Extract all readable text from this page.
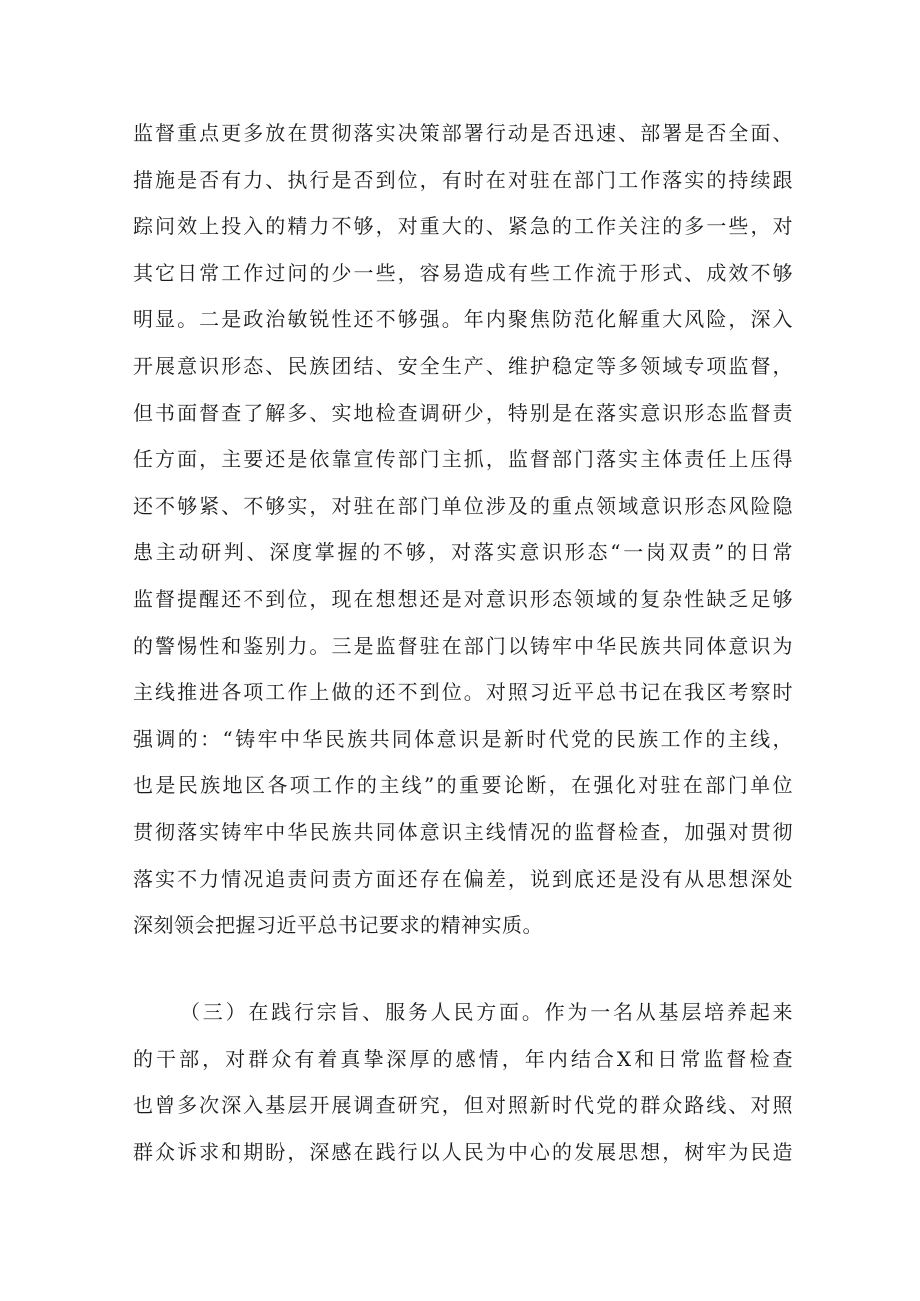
监督重点更多放在贯彻落实决策部署行动是否迅速、部署是否全面、
措施是否有力、执行是否到位，有时在对驻在部门工作落实的持续跟
踪问效上投入的精力不够，对重大的、紧急的工作关注的多一些，对
其它日常工作过问的少一些，容易造成有些工作流于形式、成效不够
明显。二是政治敏锐性还不够强。年内聚焦防范化解重大风险，深入
开展意识形态、民族团结、安全生产、维护稳定等多领域专项监督，
但书面督查了解多、实地检查调研少，特别是在落实意识形态监督责
任方面，主要还是依靠宣传部门主抓，监督部门落实主体责任上压得
还不够紧、不够实，对驻在部门单位涉及的重点领域意识形态风险隐
患主动研判、深度掌握的不够，对落实意识形态“一岗双责”的日常
监督提醒还不到位，现在想想还是对意识形态领域的复杂性缺乏足够
的警惕性和鉴别力。三是监督驻在部门以铸牢中华民族共同体意识为
主线推进各项工作上做的还不到位。对照习近平总书记在我区考察时
强调的：“铸牢中华民族共同体意识是新时代党的民族工作的主线，
也是民族地区各项工作的主线”的重要论断，在强化对驻在部门单位
贯彻落实铸牢中华民族共同体意识主线情况的监督检查，加强对贯彻
落实不力情况追责问责方面还存在偏差，说到底还是没有从思想深处
深刻领会把握习近平总书记要求的精神实质。
（三）在践行宗旨、服务人民方面。作为一名从基层培养起来
的干部，对群众有着真挚深厚的感情，年内结合X和日常监督检查
也曾多次深入基层开展调查研究，但对照新时代党的群众路线、对照
群众诉求和期盼，深感在践行以人民为中心的发展思想，树牢为民造
